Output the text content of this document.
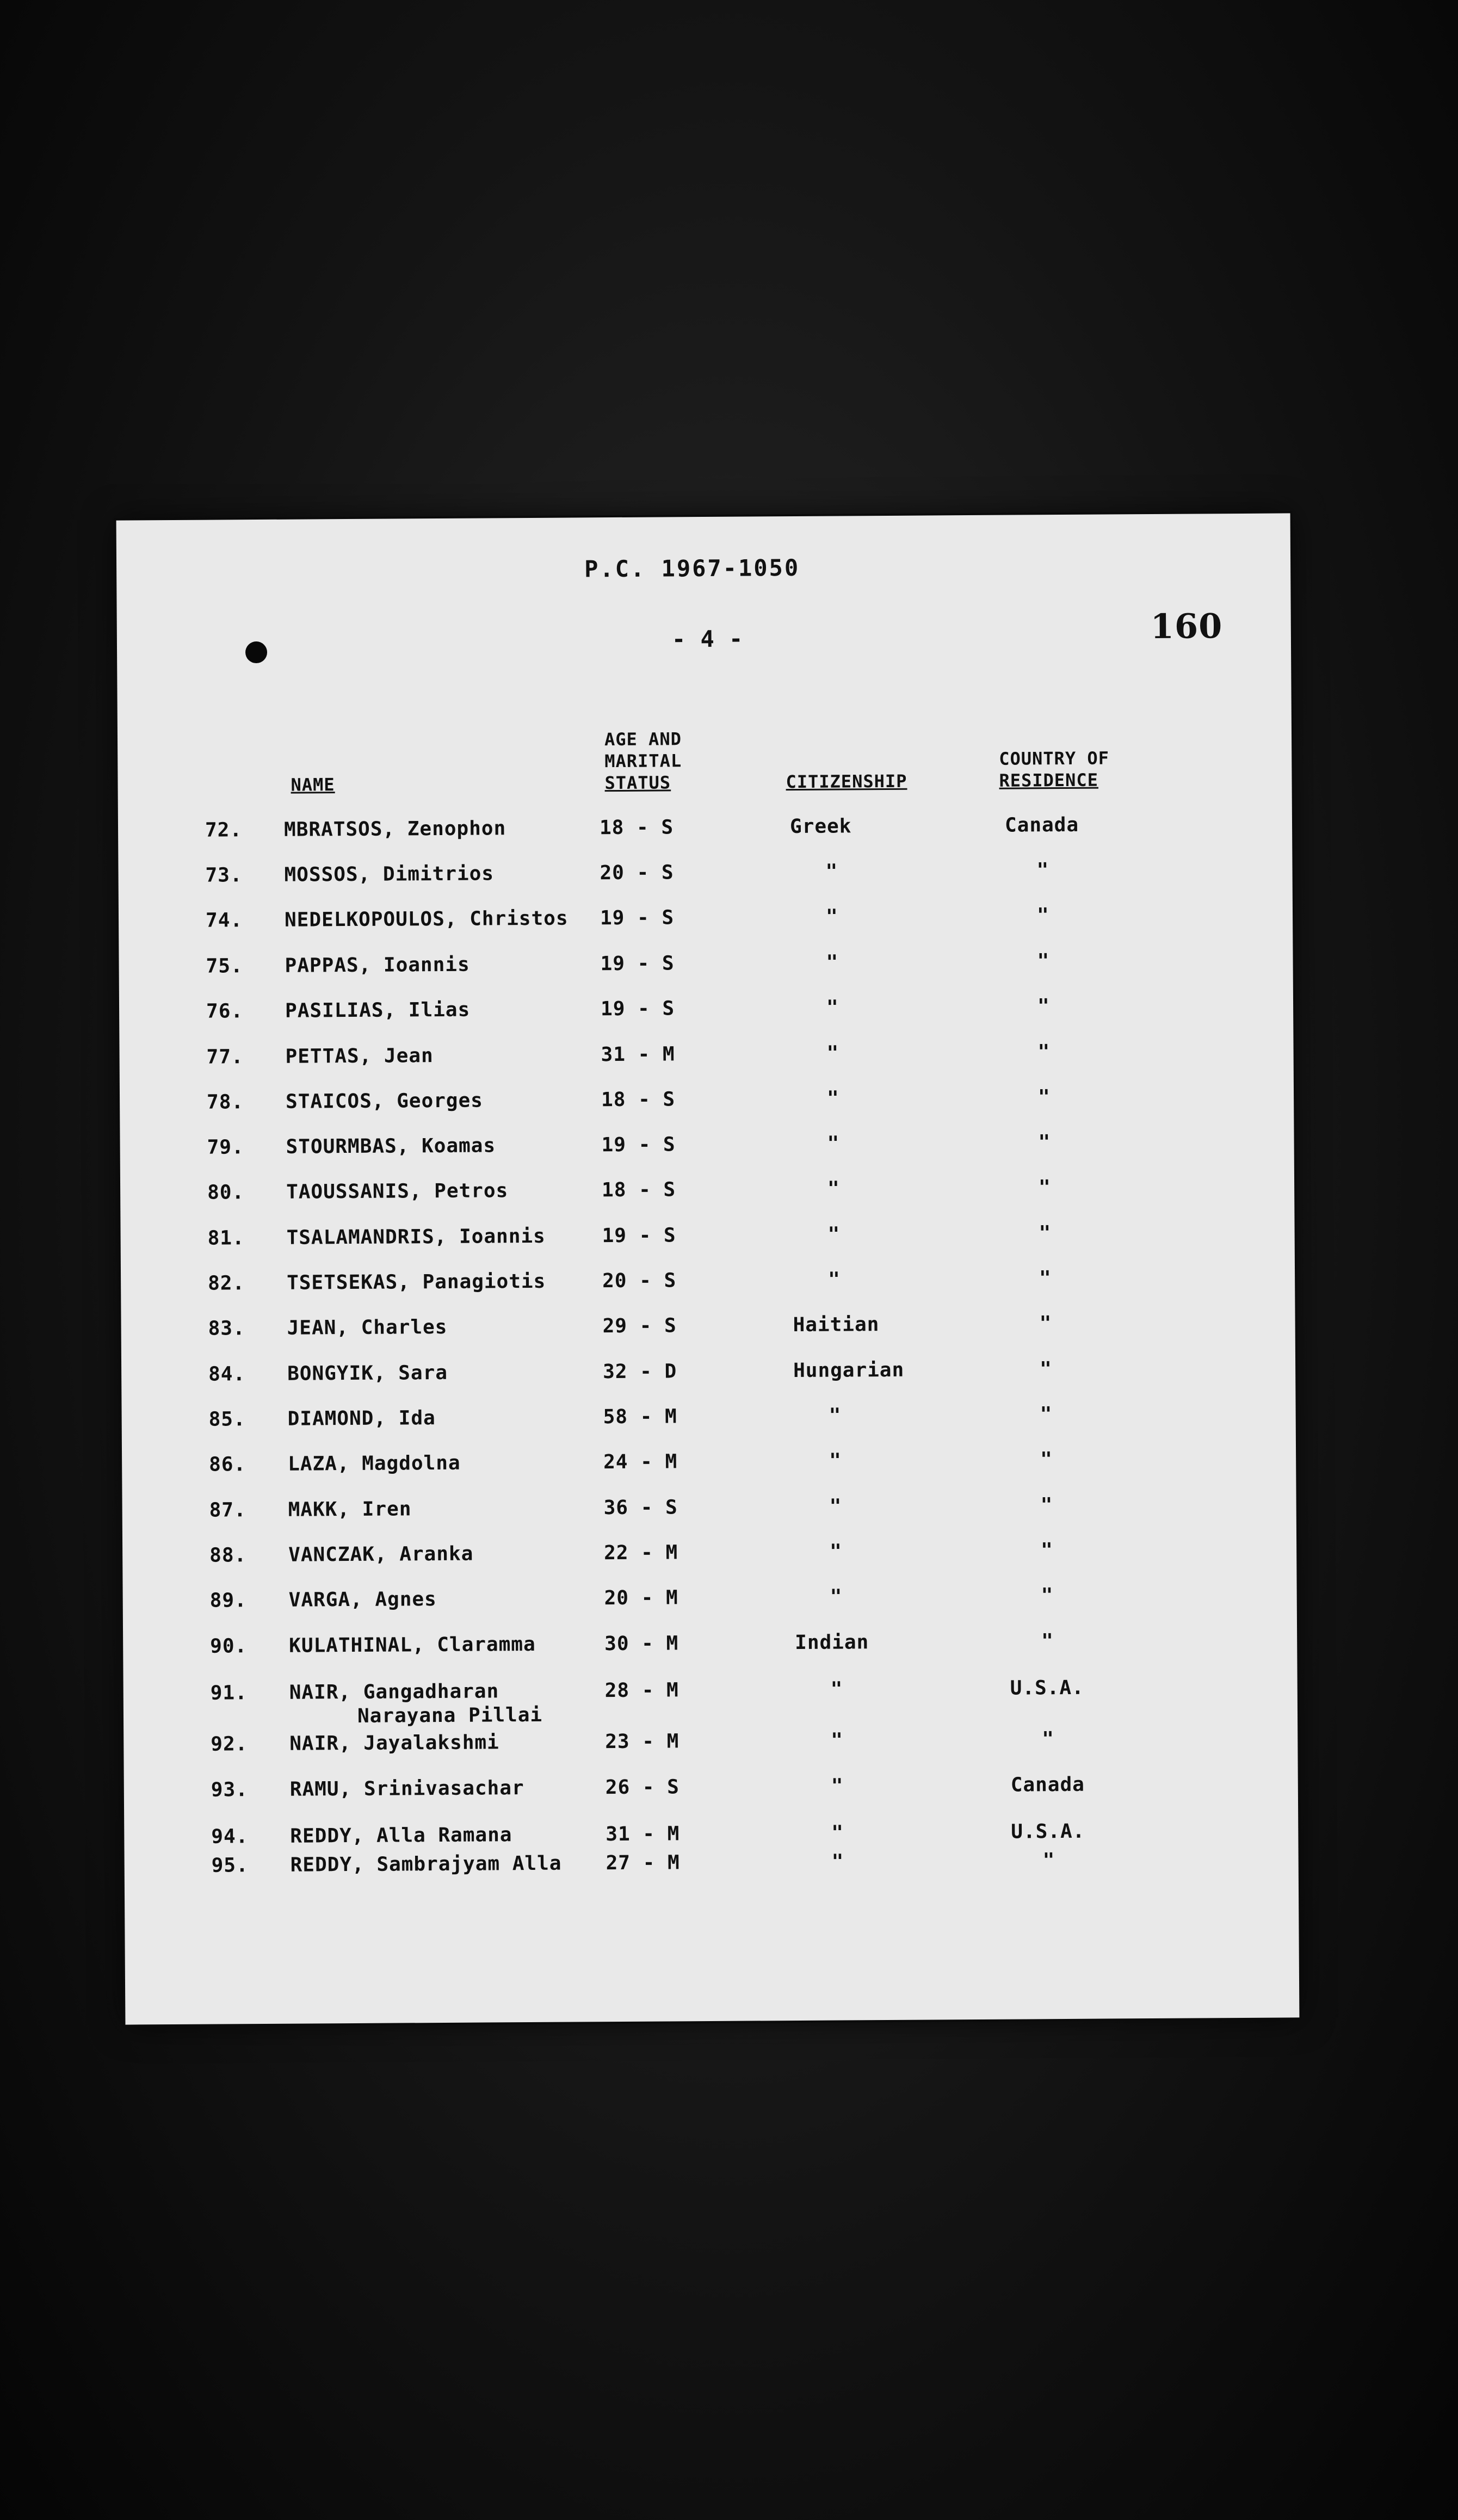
P.C. 1967-1050
- 4 -	160
NAME
AGE AND
MARITAL
STATUS	CITIZENSHIP
COUNTRY OF
RESIDENCE
72. MBRATSOS, Zenophon	18 - S	Greek	Canada
73. MOSSOS, Dimitrios	20 - S	"	"
74. NEDELKOPOULOS, Christos 19 - S	"	"
75. PAPPAS, Ioannis	19 - S	"	"
76. PASILIAS, Ilias	19 - S	"	"
77. PETTAS, Jean	31 - M	"	"
78. STAICOS, Georges	18 - S	"	"
79. STOURMBAS, Koamas	19 - S	"	"
80. TAOUSSANIS, Petros	18 - S	"	"
81. TSALAMANDRIS, Ioannis	19 - S	"	"
82. TSETSEKAS, Panagiotis	20 - S	"	"
83. JEAN, Charles	29 - S	Haitian	"
84. BONGYIK, Sara	32 - D	Hungarian	"
85. DIAMOND, Ida	58 - M	"	"
86. LAZA, Magdolna	24 - M	"	"
87. MAKK, Iren	36 - S	"	"
88. VANCZAK, Aranka	22 - M	"	"
89. VARGA, Agnes	20 - M	"	"
90. KULATHINAL, Claramma	30 - M	Indian	"
91. NAIR, Gangadharan
Narayana Pillai
28 - M	"	U.S.A.
92. NAIR, Jayalakshmi	23 - M	"	"
93. RAMU, Srinivasachar	26 - S	"	Canada
94. REDDY, Alla Ramana	31 - M	"	U.S.A.
95. REDDY, Sambrajyam Alla 27 - M	"	"
